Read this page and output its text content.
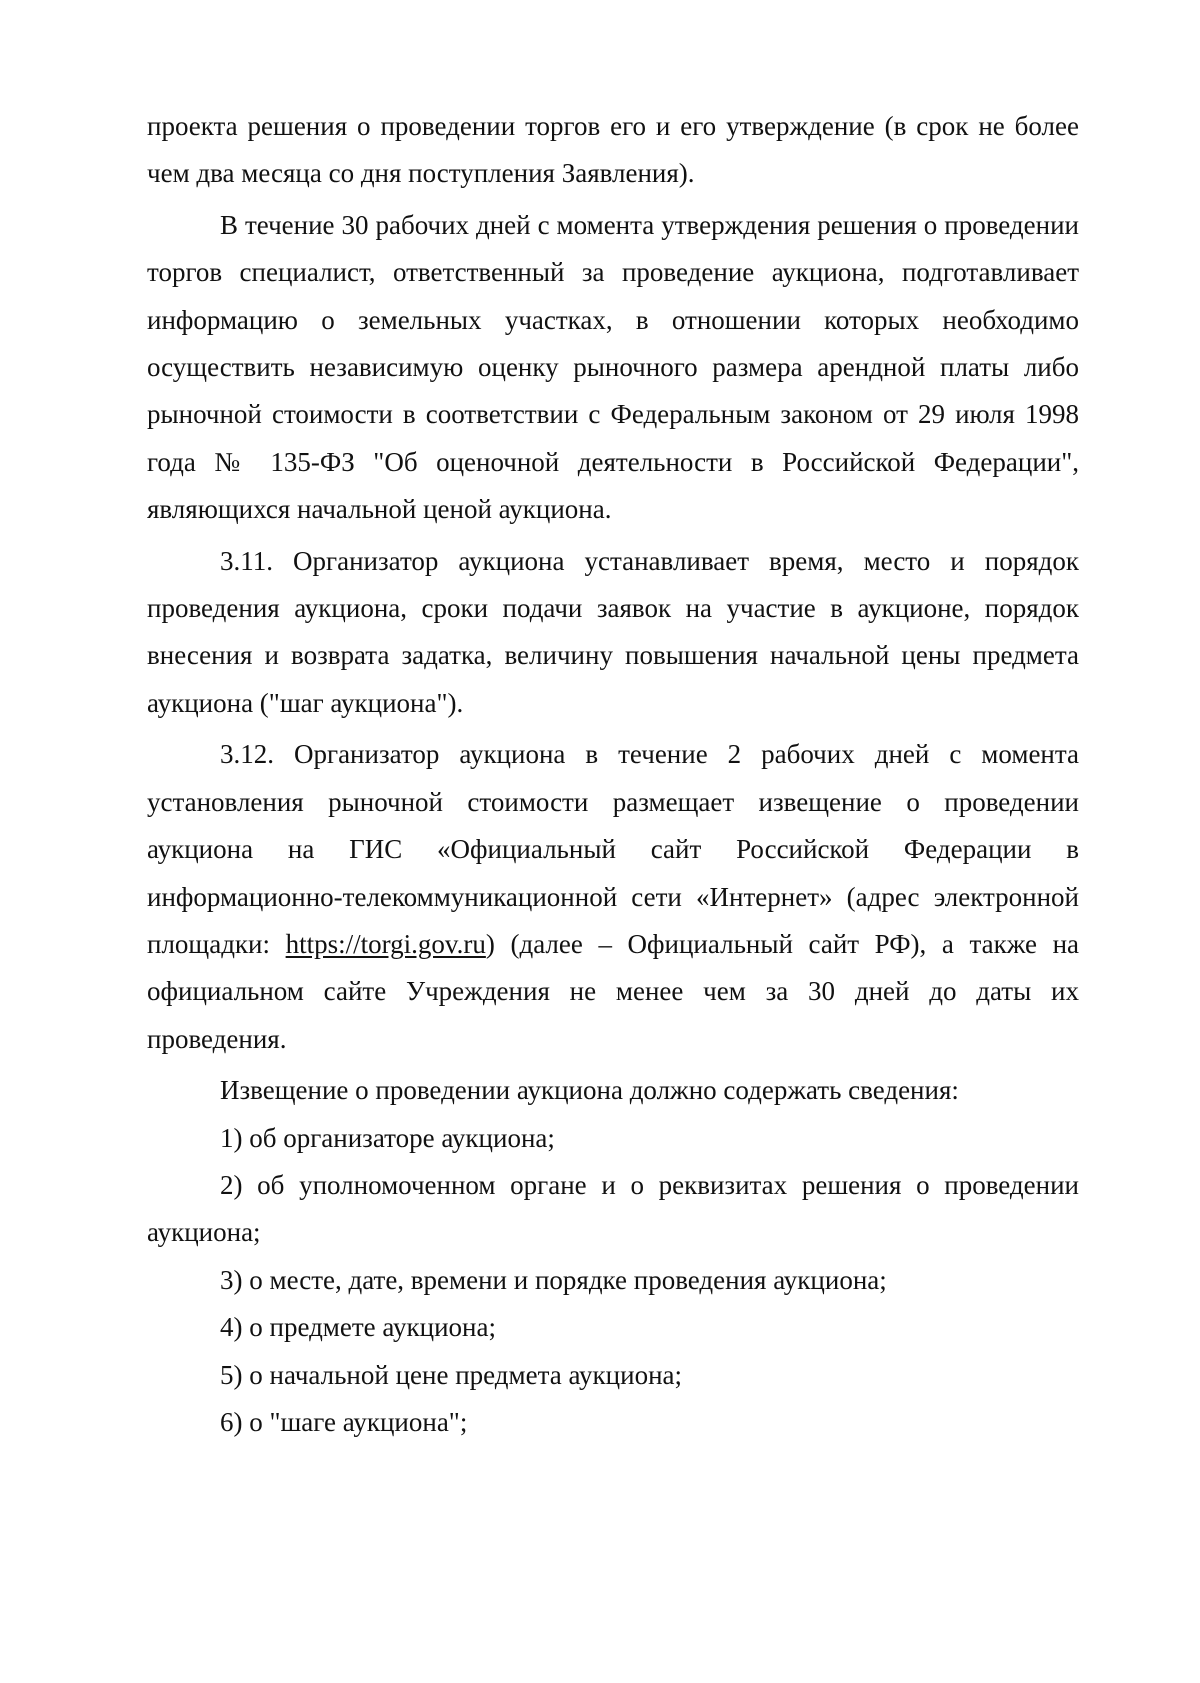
проекта решения о проведении торгов его и его утверждение (в срок не более

чем два месяца со дня поступления Заявления).

В течение 30 рабочих дней с момента утверждения решения о проведении торгов специалист, ответственный за проведение аукциона, подготавливает информацию о земельных участках, в отношении которых необходимо осуществить независимую оценку рыночного размера арендной платы либо рыночной стоимости в соответствии с Федеральным законом от 29 июля 1998 года № 135-ФЗ "Об оценочной деятельности в Российской Федерации", являющихся начальной ценой аукциона.

3.11. Организатор аукциона устанавливает время, место и порядок проведения аукциона, сроки подачи заявок на участие в аукционе, порядок внесения и возврата задатка, величину повышения начальной цены предмета аукциона ("шаг аукциона").

3.12. Организатор аукциона в течение 2 рабочих дней с момента установления рыночной стоимости размещает извещение о проведении аукциона на ГИС «Официальный сайт Российской Федерации в информационно-телекоммуникационной сети «Интернет» (адрес электронной площадки: https://torgi.gov.ru) (далее – Официальный сайт РФ), а также на официальном сайте Учреждения не менее чем за 30 дней до даты их проведения.

Извещение о проведении аукциона должно содержать сведения:

1) об организаторе аукциона;

2) об уполномоченном органе и о реквизитах решения о проведении аукциона;

3) о месте, дате, времени и порядке проведения аукциона;

4) о предмете аукциона;

5) о начальной цене предмета аукциона;

6) о "шаге аукциона";
